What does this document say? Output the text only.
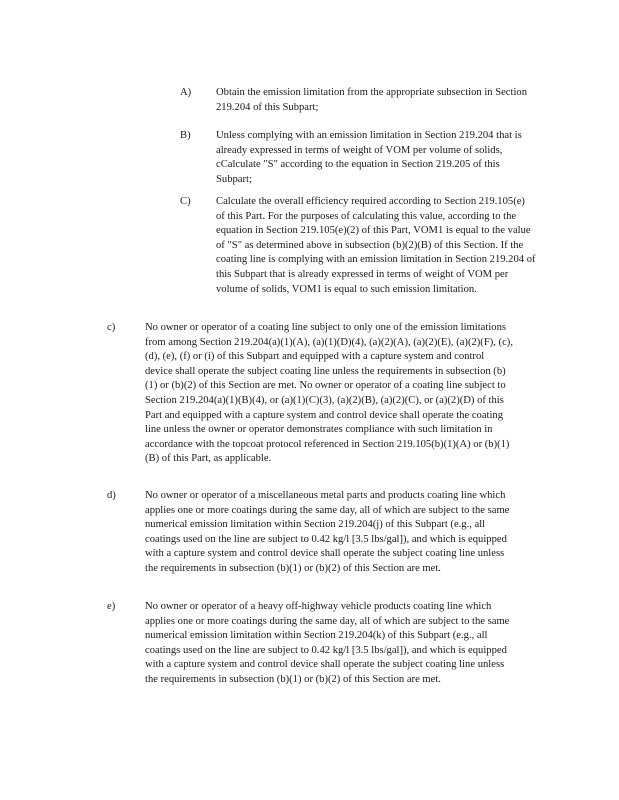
A) Obtain the emission limitation from the appropriate subsection in Section 219.204 of this Subpart;
B) Unless complying with an emission limitation in Section 219.204 that is already expressed in terms of weight of VOM per volume of solids, cCalculate "S" according to the equation in Section 219.205 of this Subpart;
C) Calculate the overall efficiency required according to Section 219.105(e) of this Part. For the purposes of calculating this value, according to the equation in Section 219.105(e)(2) of this Part, VOM1 is equal to the value of "S" as determined above in subsection (b)(2)(B) of this Section. If the coating line is complying with an emission limitation in Section 219.204 of this Subpart that is already expressed in terms of weight of VOM per volume of solids, VOM1 is equal to such emission limitation.
c)	No owner or operator of a coating line subject to only one of the emission limitations from among Section 219.204(a)(1)(A), (a)(1)(D)(4), (a)(2)(A), (a)(2)(E), (a)(2)(F), (c), (d), (e), (f) or (i) of this Subpart and equipped with a capture system and control device shall operate the subject coating line unless the requirements in subsection (b)(1) or (b)(2) of this Section are met. No owner or operator of a coating line subject to Section 219.204(a)(1)(B)(4), or (a)(1)(C)(3), (a)(2)(B), (a)(2)(C), or (a)(2)(D) of this Part and equipped with a capture system and control device shall operate the coating line unless the owner or operator demonstrates compliance with such limitation in accordance with the topcoat protocol referenced in Section 219.105(b)(1)(A) or (b)(1)(B) of this Part, as applicable.
d)	No owner or operator of a miscellaneous metal parts and products coating line which applies one or more coatings during the same day, all of which are subject to the same numerical emission limitation within Section 219.204(j) of this Subpart (e.g., all coatings used on the line are subject to 0.42 kg/l [3.5 lbs/gal]), and which is equipped with a capture system and control device shall operate the subject coating line unless the requirements in subsection (b)(1) or (b)(2) of this Section are met.
e)	No owner or operator of a heavy off-highway vehicle products coating line which applies one or more coatings during the same day, all of which are subject to the same numerical emission limitation within Section 219.204(k) of this Subpart (e.g., all coatings used on the line are subject to 0.42 kg/l [3.5 lbs/gal]), and which is equipped with a capture system and control device shall operate the subject coating line unless the requirements in subsection (b)(1) or (b)(2) of this Section are met.
